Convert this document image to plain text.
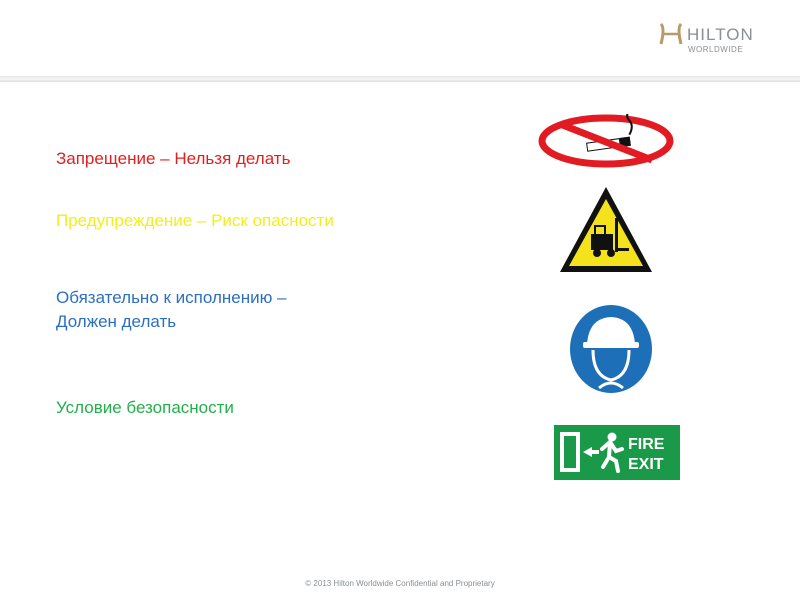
HILTON
WORLDWIDE
Запрещение – Нельзя делать
Предупреждение – Риск опасности
Обязательно к исполнению –
Должен делать
Условие безопасности
FIRE
EXIT
© 2013 Hilton Worldwide Confidential and Proprietary
